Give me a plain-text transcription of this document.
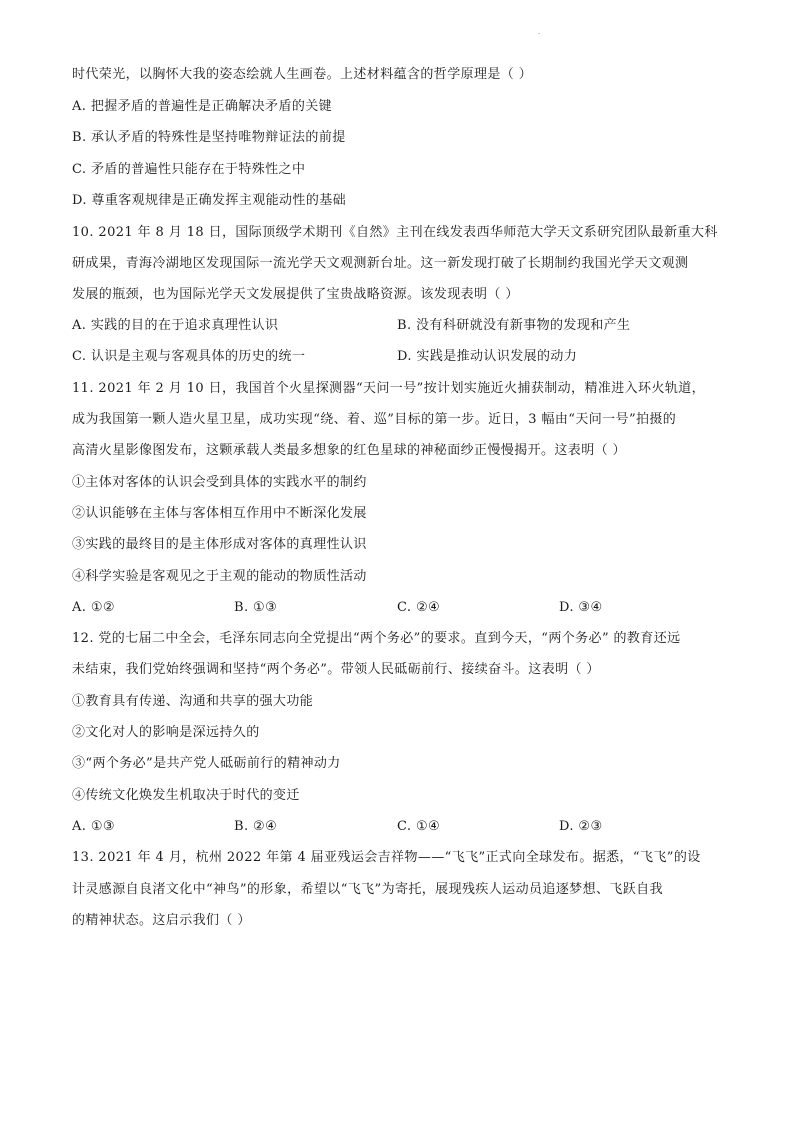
·
时代荣光，以胸怀大我的姿态绘就人生画卷。上述材料蕴含的哲学原理是（ ）
A. 把握矛盾的普遍性是正确解决矛盾的关键
B. 承认矛盾的特殊性是坚持唯物辩证法的前提
C. 矛盾的普遍性只能存在于特殊性之中
D. 尊重客观规律是正确发挥主观能动性的基础
10. 2021 年 8 月 18 日，国际顶级学术期刊《自然》主刊在线发表西华师范大学天文系研究团队最新重大科
研成果，青海冷湖地区发现国际一流光学天文观测新台址。这一新发现打破了长期制约我国光学天文观测
发展的瓶颈，也为国际光学天文发展提供了宝贵战略资源。该发现表明（ ）
A. 实践的目的在于追求真理性认识	B. 没有科研就没有新事物的发现和产生
C. 认识是主观与客观具体的历史的统一	D. 实践是推动认识发展的动力
11. 2021 年 2 月 10 日，我国首个火星探测器“天问一号”按计划实施近火捕获制动，精准进入环火轨道，
成为我国第一颗人造火星卫星，成功实现“绕、着、巡”目标的第一步。近日，3 幅由“天问一号”拍摄的
高清火星影像图发布，这颗承载人类最多想象的红色星球的神秘面纱正慢慢揭开。这表明（ ）
①主体对客体的认识会受到具体的实践水平的制约
②认识能够在主体与客体相互作用中不断深化发展
③实践的最终目的是主体形成对客体的真理性认识
④科学实验是客观见之于主观的能动的物质性活动
A. ①②	B. ①③	C. ②④	D. ③④
12. 党的七届二中全会，毛泽东同志向全党提出“两个务必”的要求。直到今天，“两个务必” 的教育还远
未结束，我们党始终强调和坚持“两个务必”。带领人民砥砺前行、接续奋斗。这表明（ ）
①教育具有传递、沟通和共享的强大功能
②文化对人的影响是深远持久的
③“两个务必”是共产党人砥砺前行的精神动力
④传统文化焕发生机取决于时代的变迁
A. ①③	B. ②④	C. ①④	D. ②③
13. 2021 年 4 月，杭州 2022 年第 4 届亚残运会吉祥物——“飞飞”正式向全球发布。据悉，“飞飞”的设
计灵感源自良渚文化中“神鸟”的形象，希望以“飞飞”为寄托，展现残疾人运动员追逐梦想、飞跃自我
的精神状态。这启示我们（ ）
